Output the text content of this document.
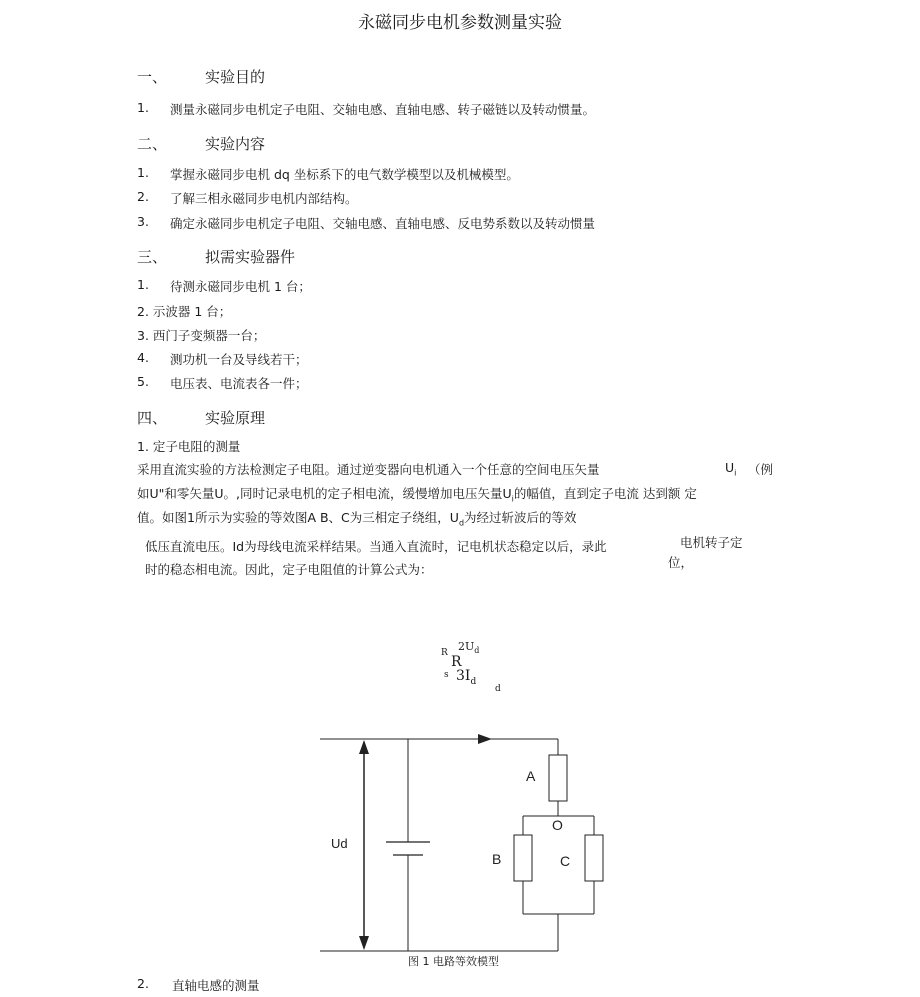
永磁同步电机参数测量实验
一、	实验目的
1. 测量永磁同步电机定子电阻、交轴电感、直轴电感、转子磁链以及转动惯量。
二、	实验内容
1. 掌握永磁同步电机 dq 坐标系下的电气数学模型以及机械模型。
2. 了解三相永磁同步电机内部结构。
3. 确定永磁同步电机定子电阻、交轴电感、直轴电感、反电势系数以及转动惯量
三、	拟需实验器件
1. 待测永磁同步电机 1 台；
2. 示波器 1 台；
3. 西门子变频器一台；
4. 测功机一台及导线若干；
5. 电压表、电流表各一件；
四、	实验原理
1. 定子电阻的测量
采用直流实验的方法检测定子电阻。通过逆变器向电机通入一个任意的空间电压矢量	$U_i$ （例
如U"和零矢量U。,同时记录电机的定子相电流，缓慢增加电压矢量$U_i$的幅值，直到定子电流 达到额 定
值。如图1所示为实验的等效图A B、C为三相定子绕组，$U_d$为经过斩波后的等效
低压直流电压。Id为母线电流采样结果。当通入直流时，记电机状态稳定以后，录此	电机转子定
时的稳态相电流。因此，定子电阻值的计算公式为：	位，
R $2U_d$
R
s $3I_d$
d
Ud
A
O
B	C
图 1 电路等效模型
2. 直轴电感的测量
